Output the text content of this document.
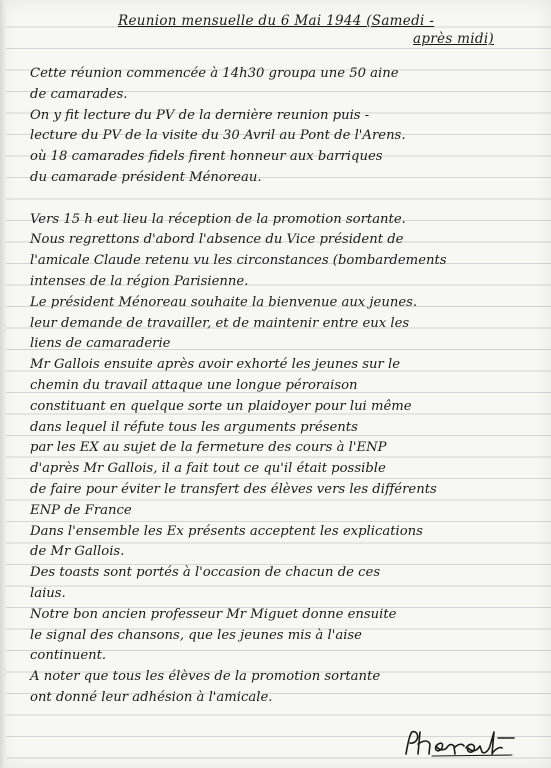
Reunion mensuelle du 6 Mai 1944 (Samedi -
après midi)
Cette réunion commencée à 14h30 groupa une 50 aine
de camarades.
On y fit lecture du PV de la dernière reunion puis -
lecture du PV de la visite du 30 Avril au Pont de l'Arens.
où 18 camarades fidels firent honneur aux barriques
du camarade président Ménoreau.
Vers 15 h eut lieu la réception de la promotion sortante.
Nous regrettons d'abord l'absence du Vice président de
l'amicale Claude retenu vu les circonstances (bombardements
intenses de la région Parisienne.
Le président Ménoreau souhaite la bienvenue aux jeunes.
leur demande de travailler, et de maintenir entre eux les
liens de camaraderie
Mr Gallois ensuite après avoir exhorté les jeunes sur le
chemin du travail attaque une longue péroraison
constituant en quelque sorte un plaidoyer pour lui même
dans lequel il réfute tous les arguments présents
par les EX au sujet de la fermeture des cours à l'ENP
d'après Mr Gallois, il a fait tout ce qu'il était possible
de faire pour éviter le transfert des élèves vers les différents
ENP de France
Dans l'ensemble les Ex présents acceptent les explications
de Mr Gallois.
Des toasts sont portés à l'occasion de chacun de ces
laius.
Notre bon ancien professeur Mr Miguet donne ensuite
le signal des chansons, que les jeunes mis à l'aise
continuent.
A noter que tous les élèves de la promotion sortante
ont donné leur adhésion à l'amicale.
